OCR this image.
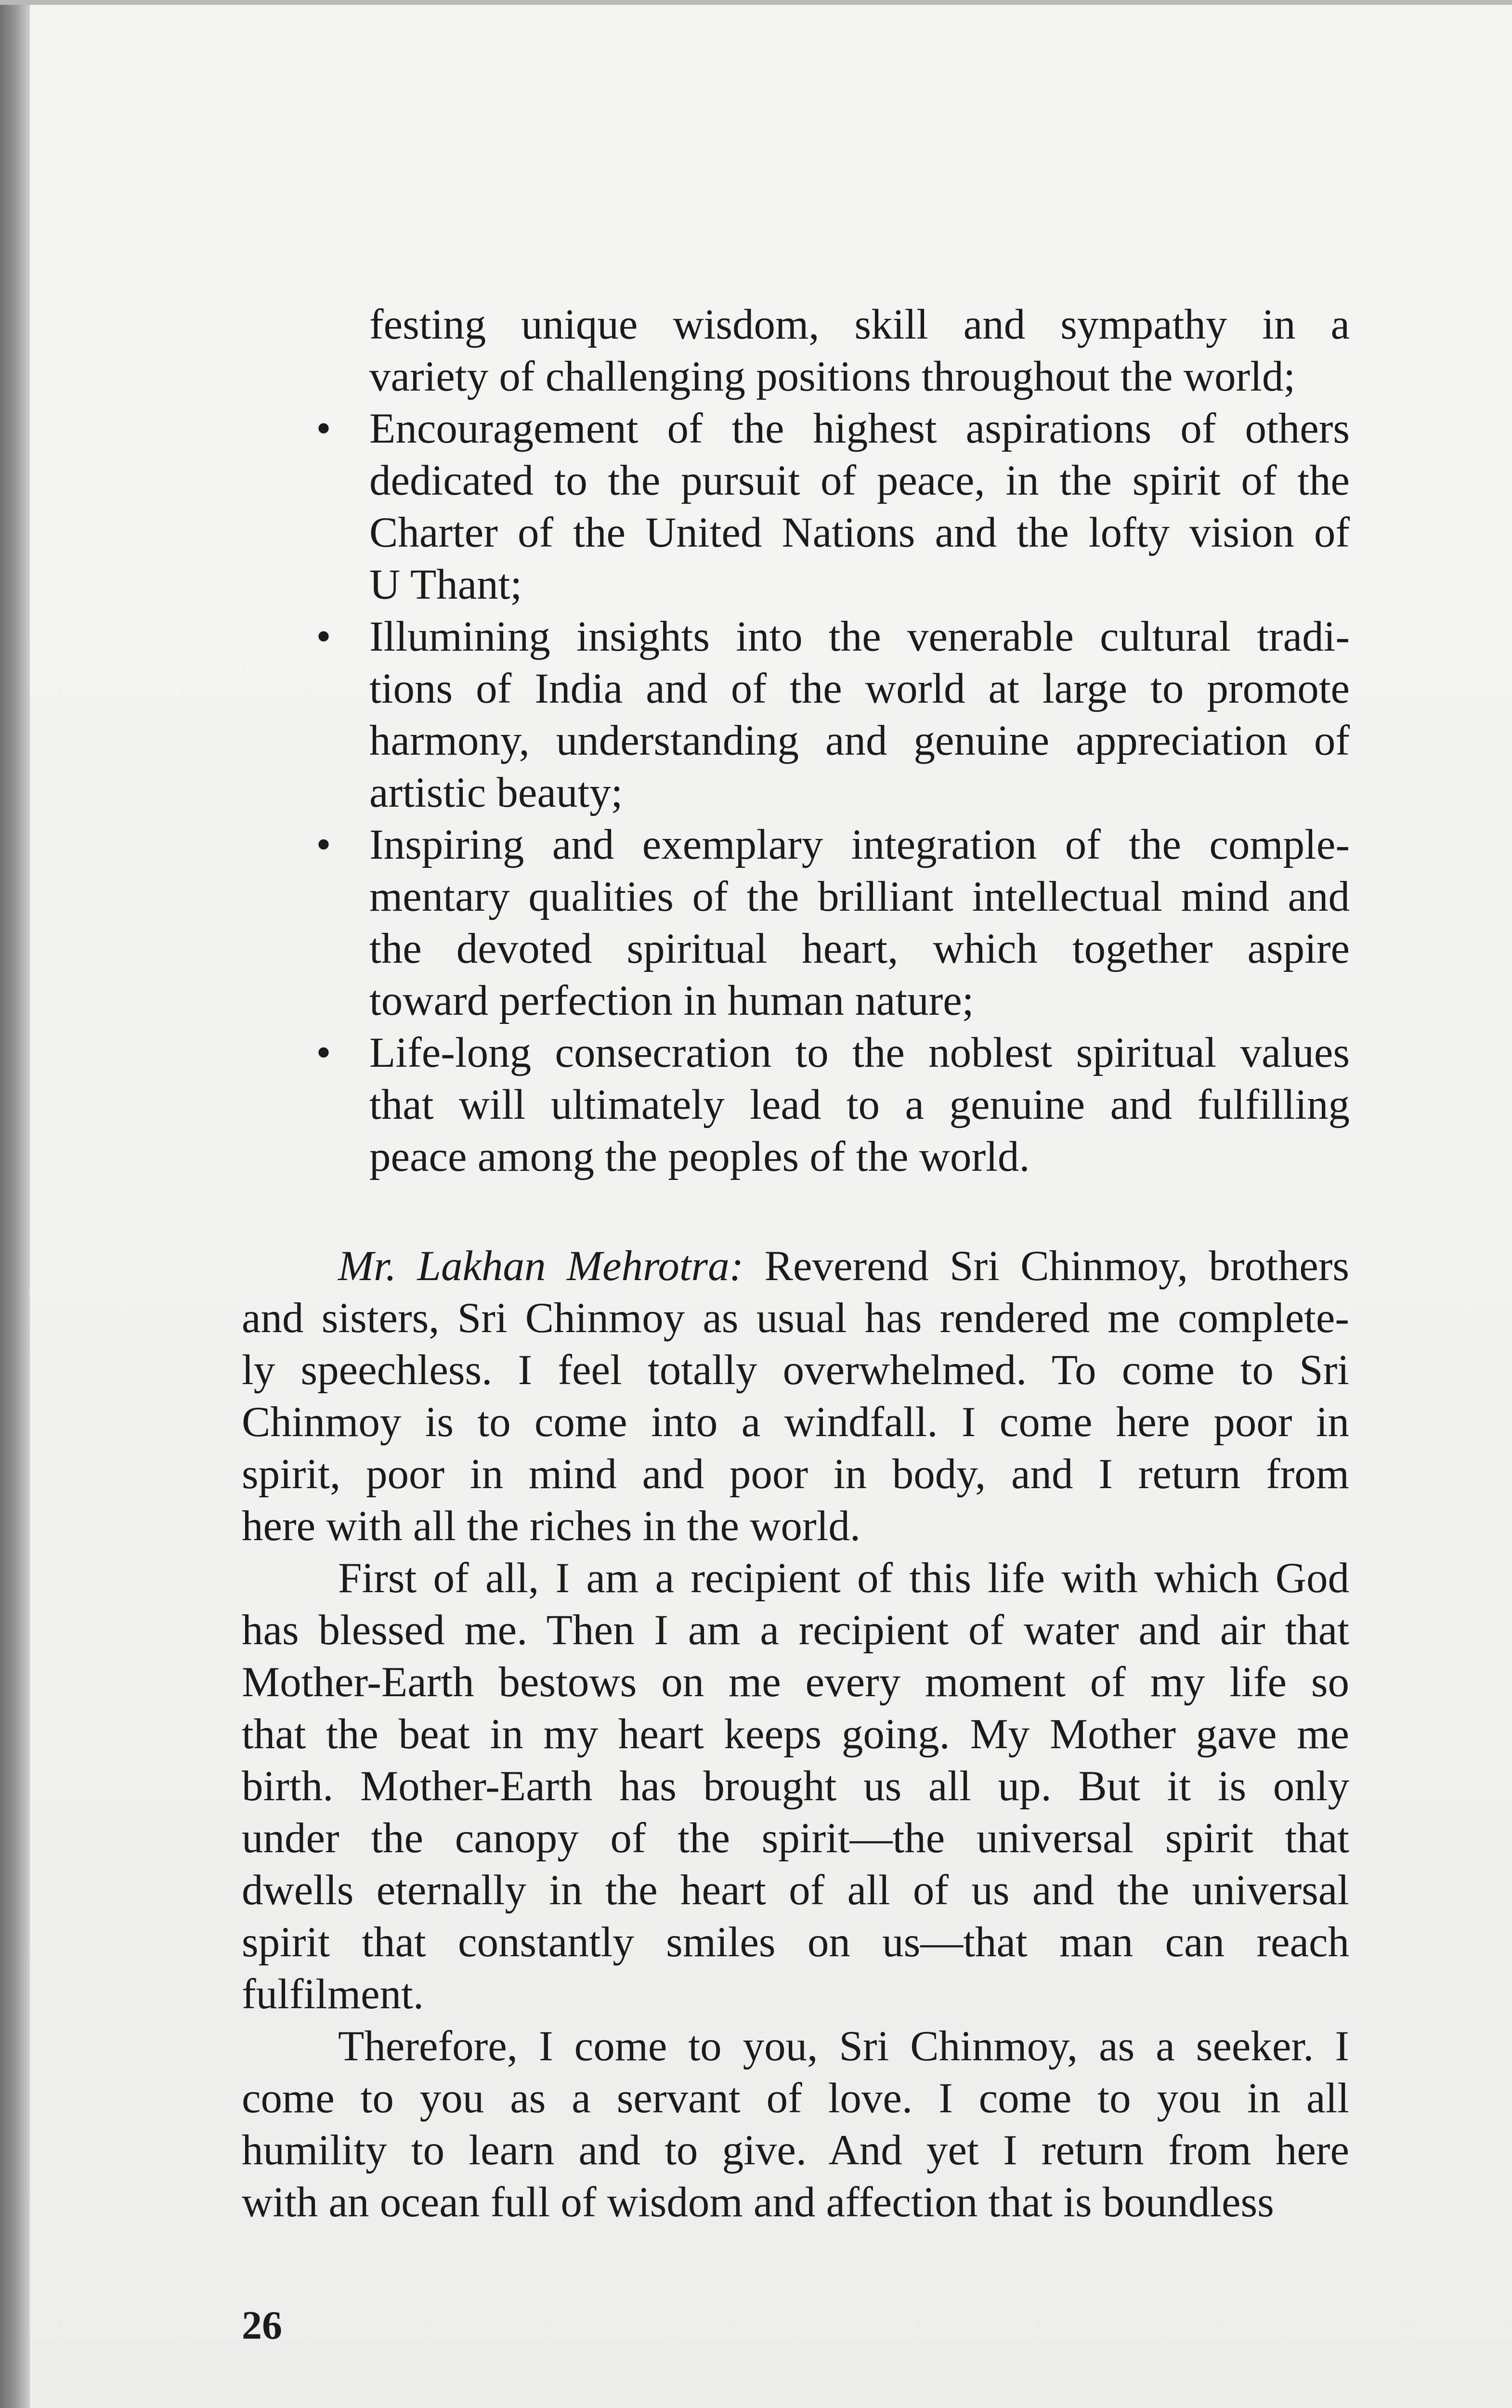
festing unique wisdom, skill and sympathy in a
variety of challenging positions throughout the world;
• Encouragement of the highest aspirations of others
dedicated to the pursuit of peace, in the spirit of the
Charter of the United Nations and the lofty vision of
U Thant;
• Illumining insights into the venerable cultural tradi-
tions of India and of the world at large to promote
harmony, understanding and genuine appreciation of
artistic beauty;
• Inspiring and exemplary integration of the comple-
mentary qualities of the brilliant intellectual mind and
the devoted spiritual heart, which together aspire
toward perfection in human nature;
• Life-long consecration to the noblest spiritual values
that will ultimately lead to a genuine and fulfilling
peace among the peoples of the world.
Mr. Lakhan Mehrotra: Reverend Sri Chinmoy, brothers
and sisters, Sri Chinmoy as usual has rendered me complete-
ly speechless. I feel totally overwhelmed. To come to Sri
Chinmoy is to come into a windfall. I come here poor in
spirit, poor in mind and poor in body, and I return from
here with all the riches in the world.
First of all, I am a recipient of this life with which God
has blessed me. Then I am a recipient of water and air that
Mother-Earth bestows on me every moment of my life so
that the beat in my heart keeps going. My Mother gave me
birth. Mother-Earth has brought us all up. But it is only
under the canopy of the spirit—the universal spirit that
dwells eternally in the heart of all of us and the universal
spirit that constantly smiles on us—that man can reach
fulfilment.
Therefore, I come to you, Sri Chinmoy, as a seeker. I
come to you as a servant of love. I come to you in all
humility to learn and to give. And yet I return from here
with an ocean full of wisdom and affection that is boundless
26
